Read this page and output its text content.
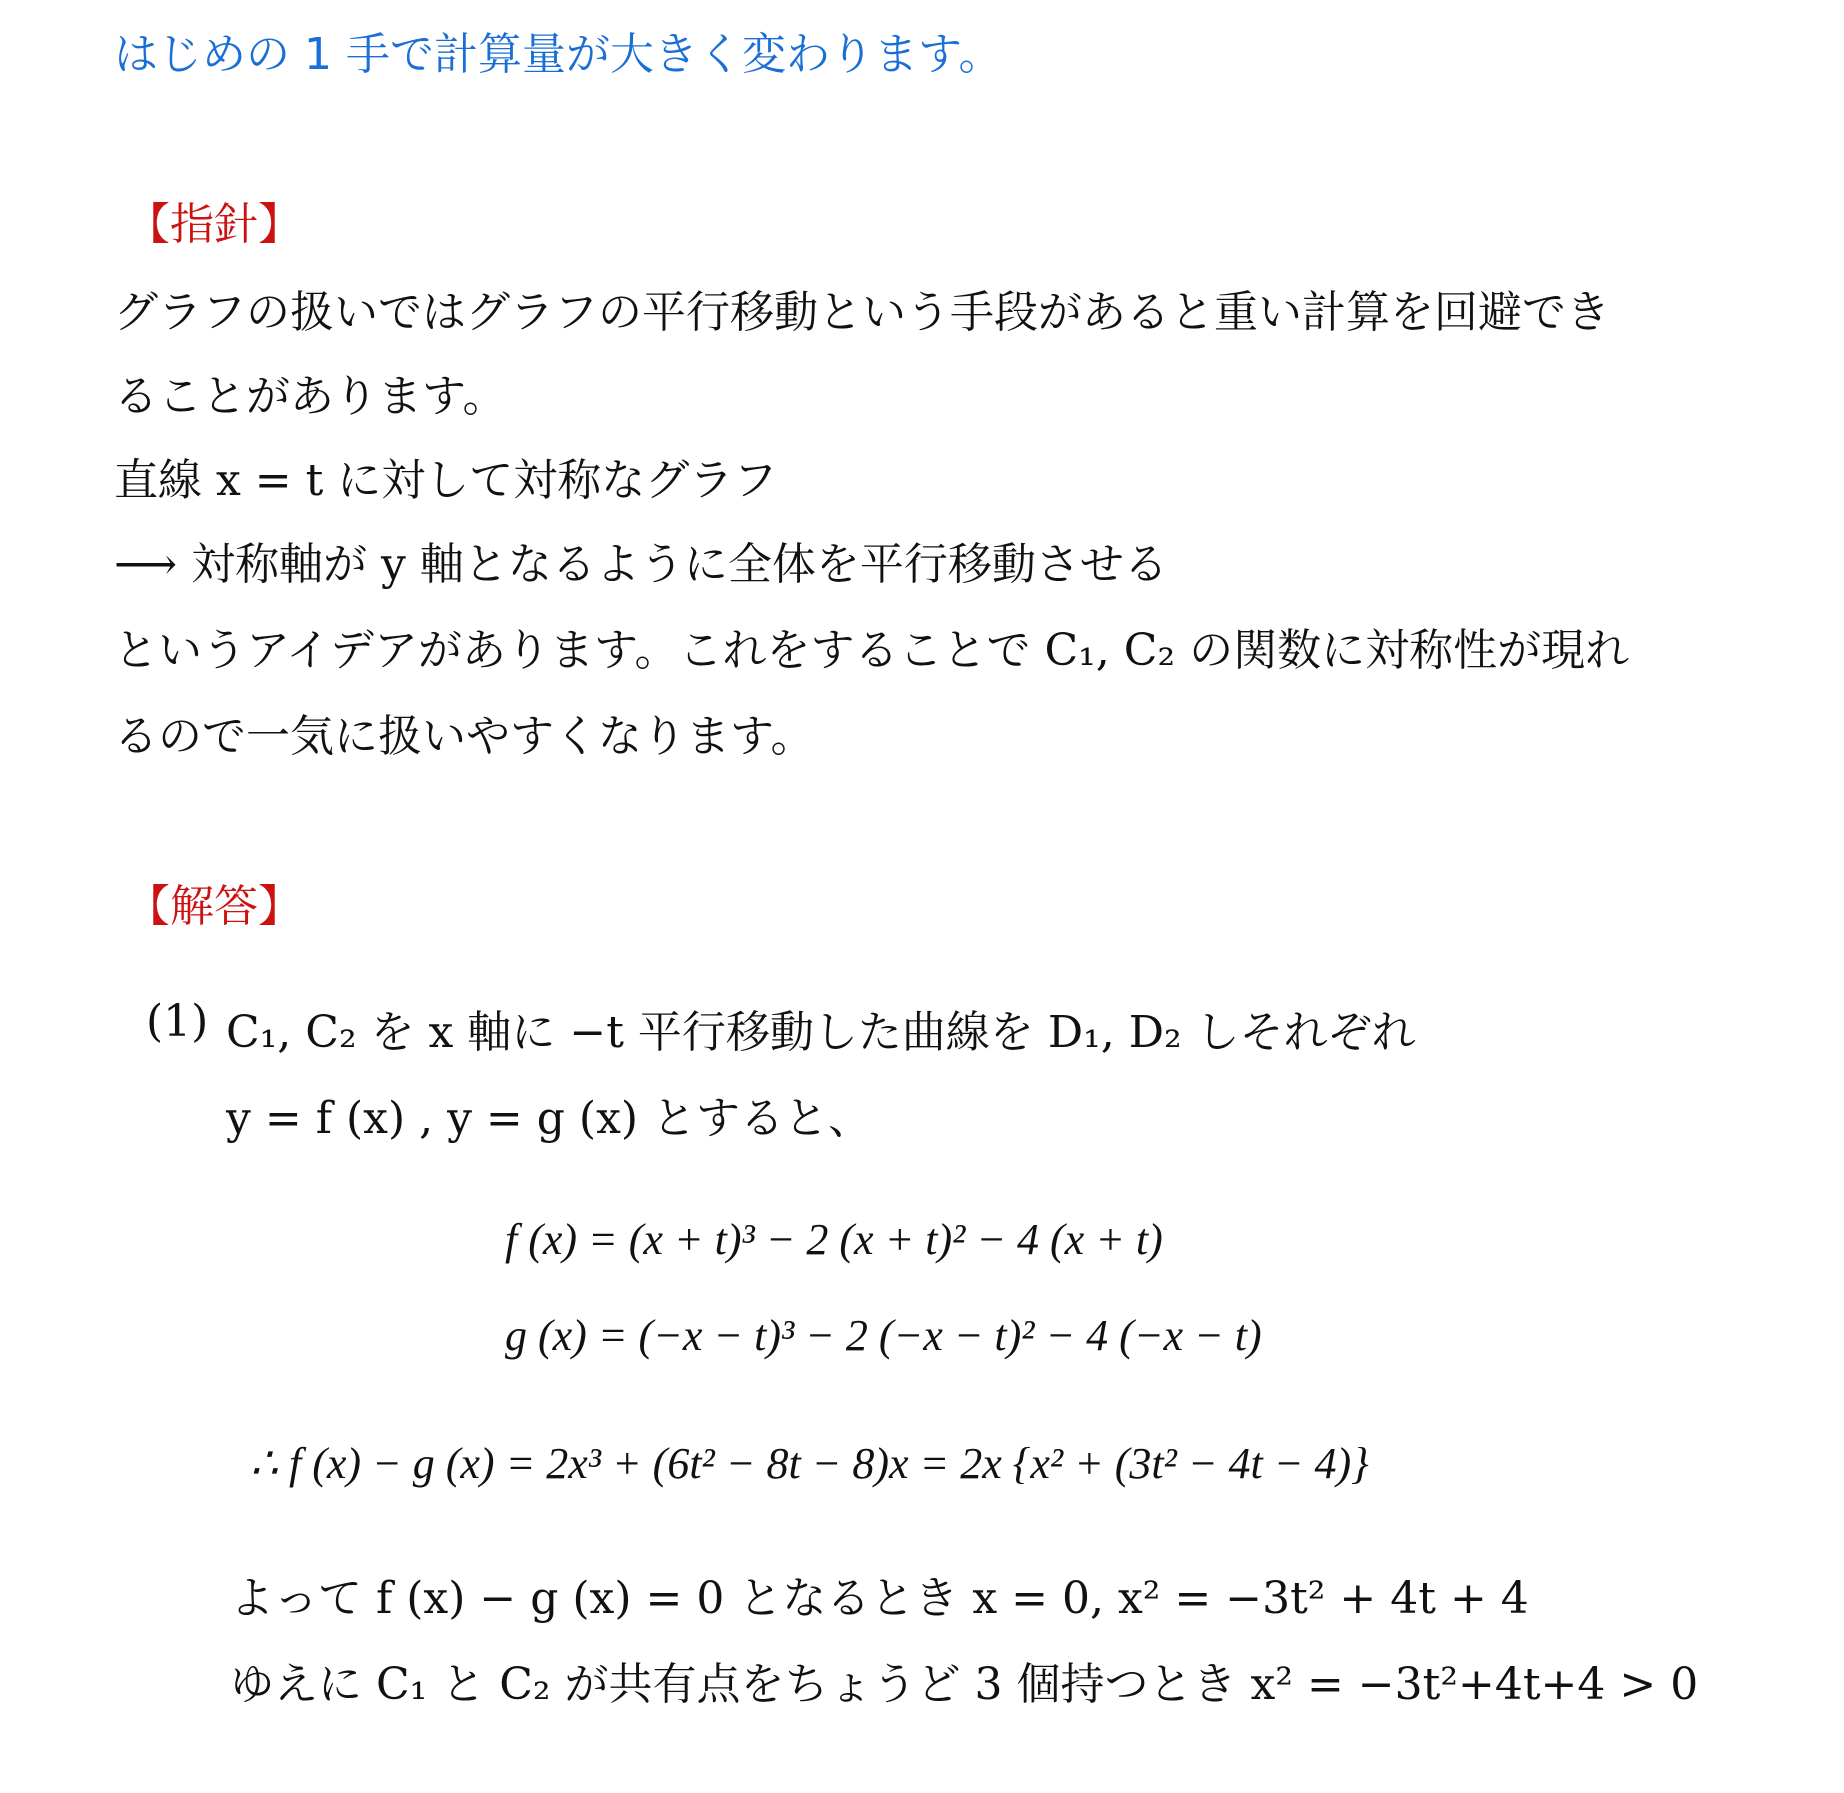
はじめの 1 手で計算量が大きく変わります。
【指針】
グラフの扱いではグラフの平行移動という手段があると重い計算を回避でき
ることがあります。
直線 x = t に対して対称なグラフ
⟶ 対称軸が y 軸となるように全体を平行移動させる
というアイデアがあります。これをすることで C₁, C₂ の関数に対称性が現れ
るので一気に扱いやすくなります。
【解答】
(1) C₁, C₂ を x 軸に −t 平行移動した曲線を D₁, D₂ しそれぞれ
y = f (x) , y = g (x) とすると、
f (x) = (x + t)³ − 2 (x + t)² − 4 (x + t)
g (x) = (−x − t)³ − 2 (−x − t)² − 4 (−x − t)
∴ f (x) − g (x) = 2x³ + (6t² − 8t − 8)x = 2x {x² + (3t² − 4t − 4)}
よって f (x) − g (x) = 0 となるとき x = 0, x² = −3t² + 4t + 4
ゆえに C₁ と C₂ が共有点をちょうど 3 個持つとき x² = −3t²+4t+4 > 0
